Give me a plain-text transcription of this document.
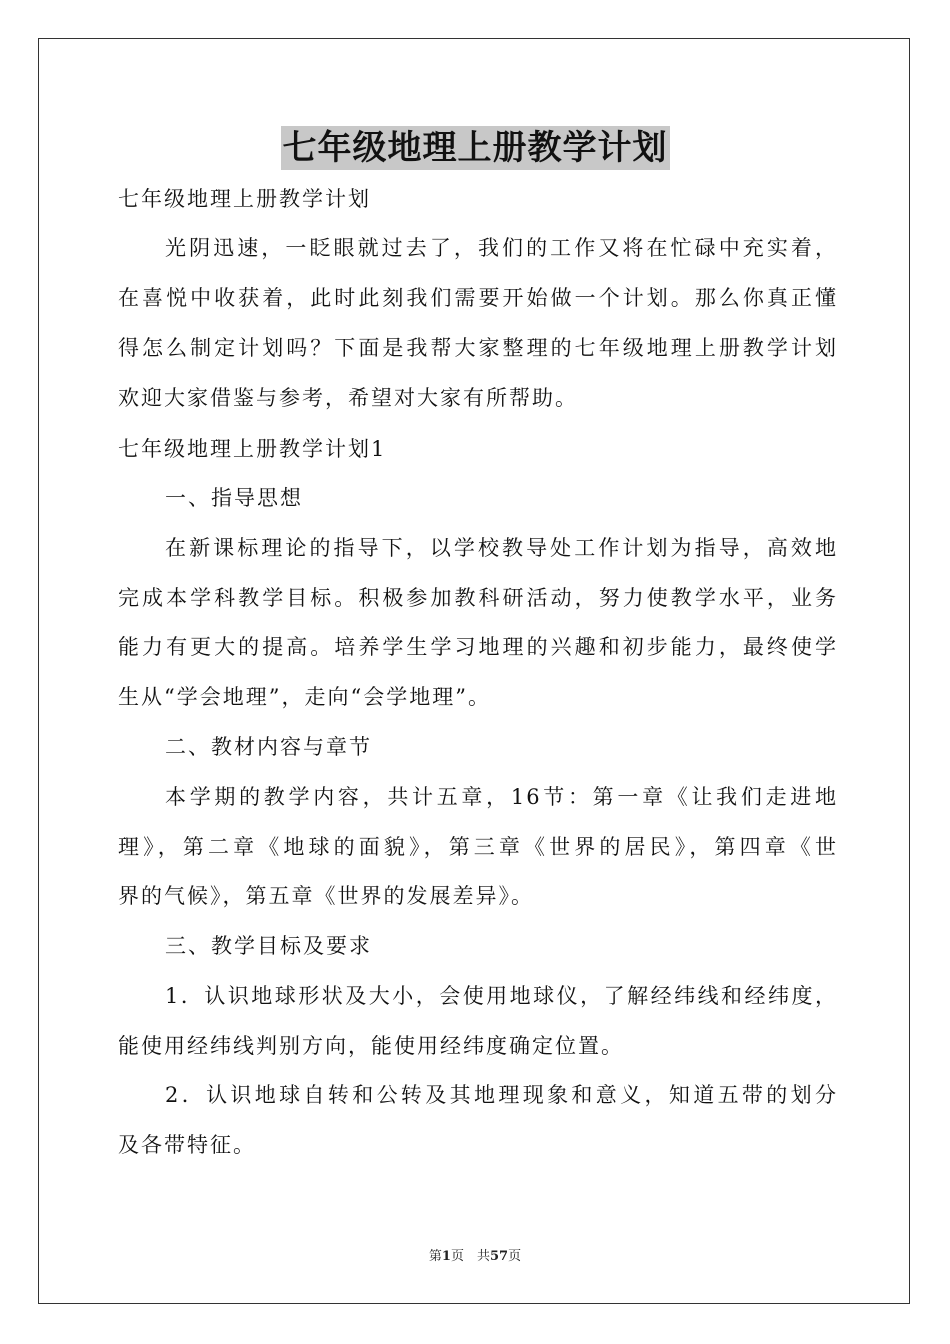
七年级地理上册教学计划
七年级地理上册教学计划
光阴迅速，一眨眼就过去了，我们的工作又将在忙碌中充实着，
在喜悦中收获着，此时此刻我们需要开始做一个计划。那么你真正懂
得怎么制定计划吗？下面是我帮大家整理的七年级地理上册教学计划
欢迎大家借鉴与参考，希望对大家有所帮助。
七年级地理上册教学计划1
一、指导思想
在新课标理论的指导下，以学校教导处工作计划为指导，高效地
完成本学科教学目标。积极参加教科研活动，努力使教学水平，业务
能力有更大的提高。培养学生学习地理的兴趣和初步能力，最终使学
生从“学会地理”，走向“会学地理”。
二、教材内容与章节
本学期的教学内容，共计五章，16节：第一章《让我们走进地
理》，第二章《地球的面貌》，第三章《世界的居民》，第四章《世
界的气候》，第五章《世界的发展差异》。
三、教学目标及要求
1．认识地球形状及大小，会使用地球仪，了解经纬线和经纬度，
能使用经纬线判别方向，能使用经纬度确定位置。
2．认识地球自转和公转及其地理现象和意义，知道五带的划分
及各带特征。
第1页　共57页
